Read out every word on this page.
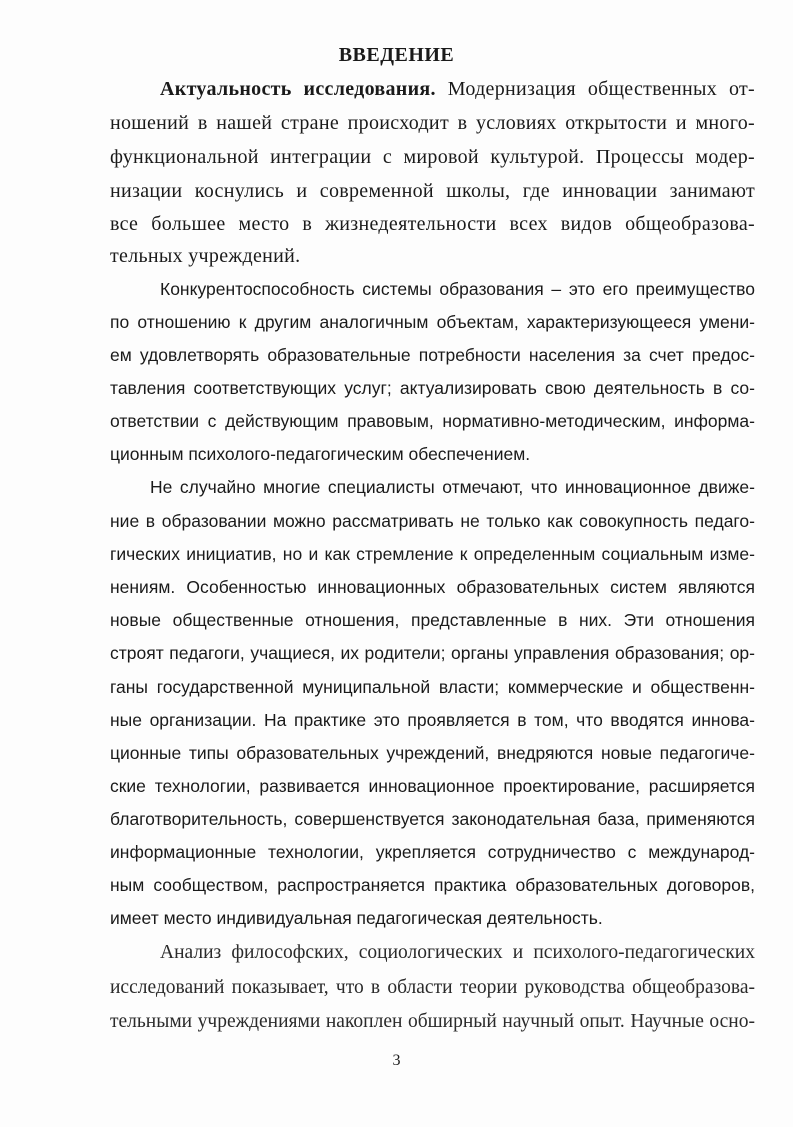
ВВЕДЕНИЕ
Актуальность исследования. Модернизация общественных от-
ношений в нашей стране происходит в условиях открытости и много-
функциональной интеграции с мировой культурой. Процессы модер-
низации коснулись и современной школы, где инновации занимают
все большее место в жизнедеятельности всех видов общеобразова-
тельных учреждений.
Конкурентоспособность системы образования – это его преимущество
по отношению к другим аналогичным объектам, характеризующееся умени-
ем удовлетворять образовательные потребности населения за счет предос-
тавления соответствующих услуг; актуализировать свою деятельность в со-
ответствии с действующим правовым, нормативно-методическим, информа-
ционным психолого-педагогическим обеспечением.
Не случайно многие специалисты отмечают, что инновационное движе-
ние в образовании можно рассматривать не только как совокупность педаго-
гических инициатив, но и как стремление к определенным социальным изме-
нениям. Особенностью инновационных образовательных систем являются
новые общественные отношения, представленные в них. Эти отношения
строят педагоги, учащиеся, их родители; органы управления образования; ор-
ганы государственной муниципальной власти; коммерческие и общественн-
ные организации. На практике это проявляется в том, что вводятся иннова-
ционные типы образовательных учреждений, внедряются новые педагогиче-
ские технологии, развивается инновационное проектирование, расширяется
благотворительность, совершенствуется законодательная база, применяются
информационные технологии, укрепляется сотрудничество с международ-
ным сообществом, распространяется практика образовательных договоров,
имеет место индивидуальная педагогическая деятельность.
Анализ философских, социологических и психолого-педагогических
исследований показывает, что в области теории руководства общеобразова-
тельными учреждениями накоплен обширный научный опыт. Научные осно-
3
